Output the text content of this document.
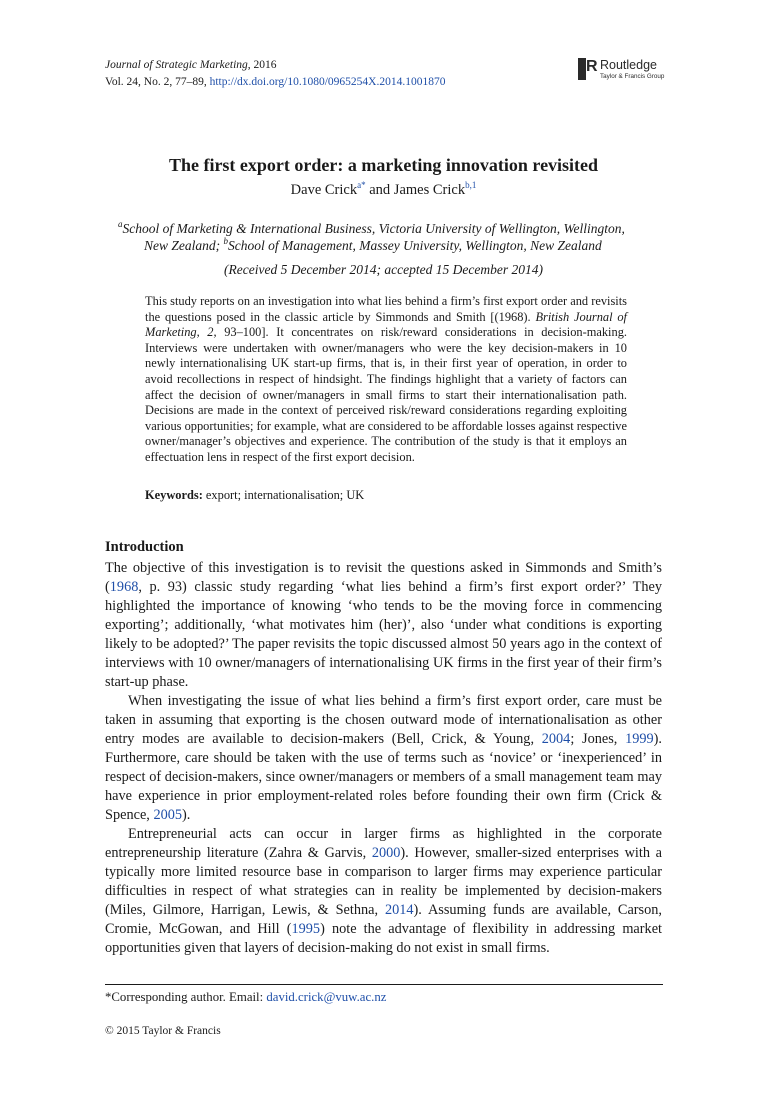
Journal of Strategic Marketing, 2016
Vol. 24, No. 2, 77–89, http://dx.doi.org/10.1080/0965254X.2014.1001870
R Routledge
Taylor & Francis Group
The first export order: a marketing innovation revisited
Dave Crick$^{a*}$ and James Crick$^{b,1}$
$^a$School of Marketing & International Business, Victoria University of Wellington, Wellington,
New Zealand; $^b$School of Management, Massey University, Wellington, New Zealand
(Received 5 December 2014; accepted 15 December 2014)
This study reports on an investigation into what lies behind a firm’s first export order and revisits the questions posed in the classic article by Simmonds and Smith [(1968). British Journal of Marketing, 2, 93–100]. It concentrates on risk/reward considerations in decision-making. Interviews were undertaken with owner/managers who were the key decision-makers in 10 newly internationalising UK start-up firms, that is, in their first year of operation, in order to avoid recollections in respect of hindsight. The findings highlight that a variety of factors can affect the decision of owner/managers in small firms to start their internationalisation path. Decisions are made in the context of perceived risk/reward considerations regarding exploiting various opportunities; for example, what are considered to be affordable losses against respective owner/manager’s objectives and experience. The contribution of the study is that it employs an effectuation lens in respect of the first export decision.
Keywords: export; internationalisation; UK
Introduction

The objective of this investigation is to revisit the questions asked in Simmonds and Smith’s (1968, p. 93) classic study regarding ‘what lies behind a firm’s first export order?’ They highlighted the importance of knowing ‘who tends to be the moving force in commencing exporting’; additionally, ‘what motivates him (her)’, also ‘under what conditions is exporting likely to be adopted?’ The paper revisits the topic discussed almost 50 years ago in the context of interviews with 10 owner/managers of internationalising UK firms in the first year of their firm’s start-up phase.

When investigating the issue of what lies behind a firm’s first export order, care must be taken in assuming that exporting is the chosen outward mode of internationalisation as other entry modes are available to decision-makers (Bell, Crick, & Young, 2004; Jones, 1999). Furthermore, care should be taken with the use of terms such as ‘novice’ or ‘inexperienced’ in respect of decision-makers, since owner/managers or members of a small management team may have experience in prior employment-related roles before founding their own firm (Crick & Spence, 2005).

Entrepreneurial acts can occur in larger firms as highlighted in the corporate entrepreneurship literature (Zahra & Garvis, 2000). However, smaller-sized enterprises with a typically more limited resource base in comparison to larger firms may experience particular difficulties in respect of what strategies can in reality be implemented by decision-makers (Miles, Gilmore, Harrigan, Lewis, & Sethna, 2014). Assuming funds are available, Carson, Cromie, McGowan, and Hill (1995) note the advantage of flexibility in addressing market opportunities given that layers of decision-making do not exist in small firms.

*Corresponding author. Email: david.crick@vuw.ac.nz
© 2015 Taylor & Francis
